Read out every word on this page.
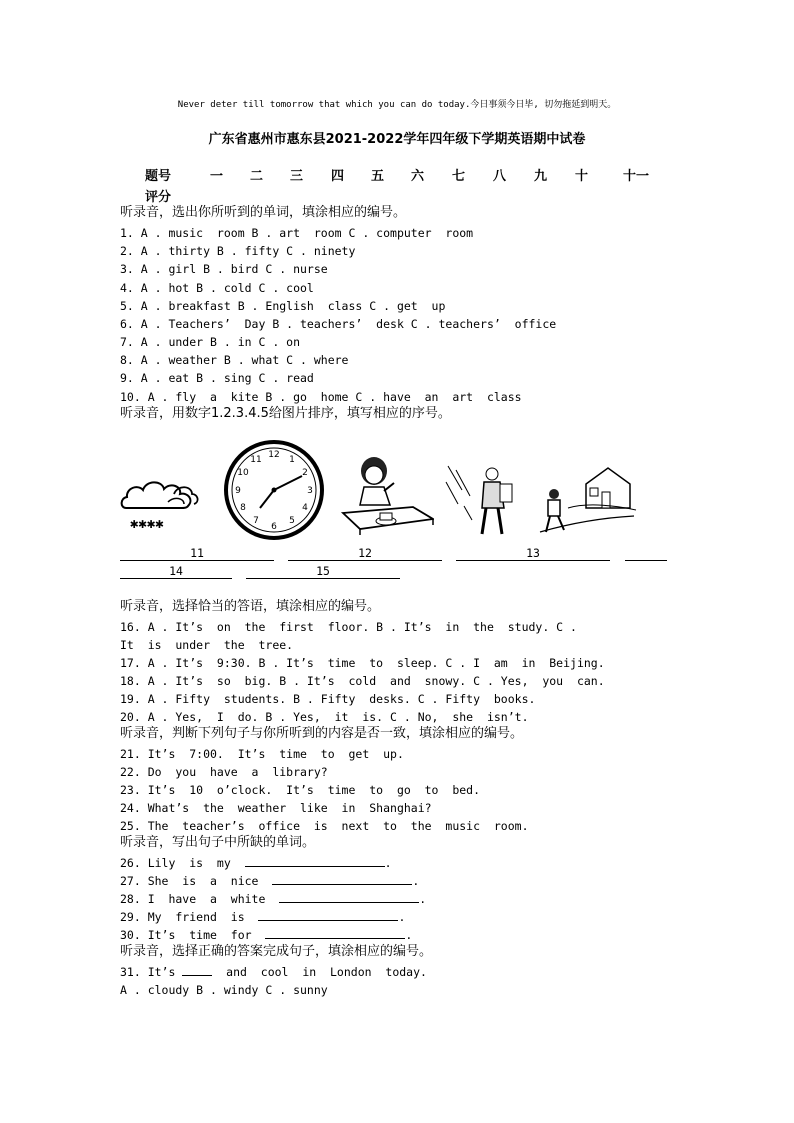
Never deter till tomorrow that which you can do today.今日事须今日毕, 切勿拖延到明天。
广东省惠州市惠东县2021-2022学年四年级下学期英语期中试卷
题号	一 二 三 四 五 六 七 八 九 十	十一
评分
听录音，选出你所听到的单词，填涂相应的编号。
1. A . music  room B . art  room C . computer  room
2. A . thirty B . fifty C . ninety
3. A . girl B . bird C . nurse
4. A . hot B . cold C . cool
5. A . breakfast B . English  class C . get  up
6. A . Teachers’  Day B . teachers’  desk C . teachers’  office
7. A . under B . in C . on
8. A . weather B . what C . where
9. A . eat B . sing C . read
10. A . fly  a  kite B . go  home C . have  an  art  class
听录音，用数字1.2.3.4.5给图片排序，填写相应的序号。
✱✱✱✱
12 1
2
3
4
5
6
7
8
9
10
11
11	12	13
14	15
听录音，选择恰当的答语，填涂相应的编号。
16. A . It’s  on  the  first  floor. B . It’s  in  the  study. C .
It  is  under  the  tree.
17. A . It’s  9:30. B . It’s  time  to  sleep. C . I  am  in  Beijing.
18. A . It’s  so  big. B . It’s  cold  and  snowy. C . Yes,  you  can.
19. A . Fifty  students. B . Fifty  desks. C . Fifty  books.
20. A . Yes,  I  do. B . Yes,  it  is. C . No,  she  isn’t.
听录音，判断下列句子与你所听到的内容是否一致，填涂相应的编号。
21. It’s  7:00.  It’s  time  to  get  up.
22. Do  you  have  a  library?
23. It’s  10  o’clock.  It’s  time  to  go  to  bed.
24. What’s  the  weather  like  in  Shanghai?
25. The  teacher’s  office  is  next  to  the  music  room.
听录音，写出句子中所缺的单词。
26. Lily  is  my	.
27. She  is  a  nice	.
28. I  have  a  white	.
29. My  friend  is	.
30. It’s  time  for	.
听录音，选择正确的答案完成句子，填涂相应的编号。
31. It’s	and  cool  in  London  today.
A . cloudy B . windy C . sunny
